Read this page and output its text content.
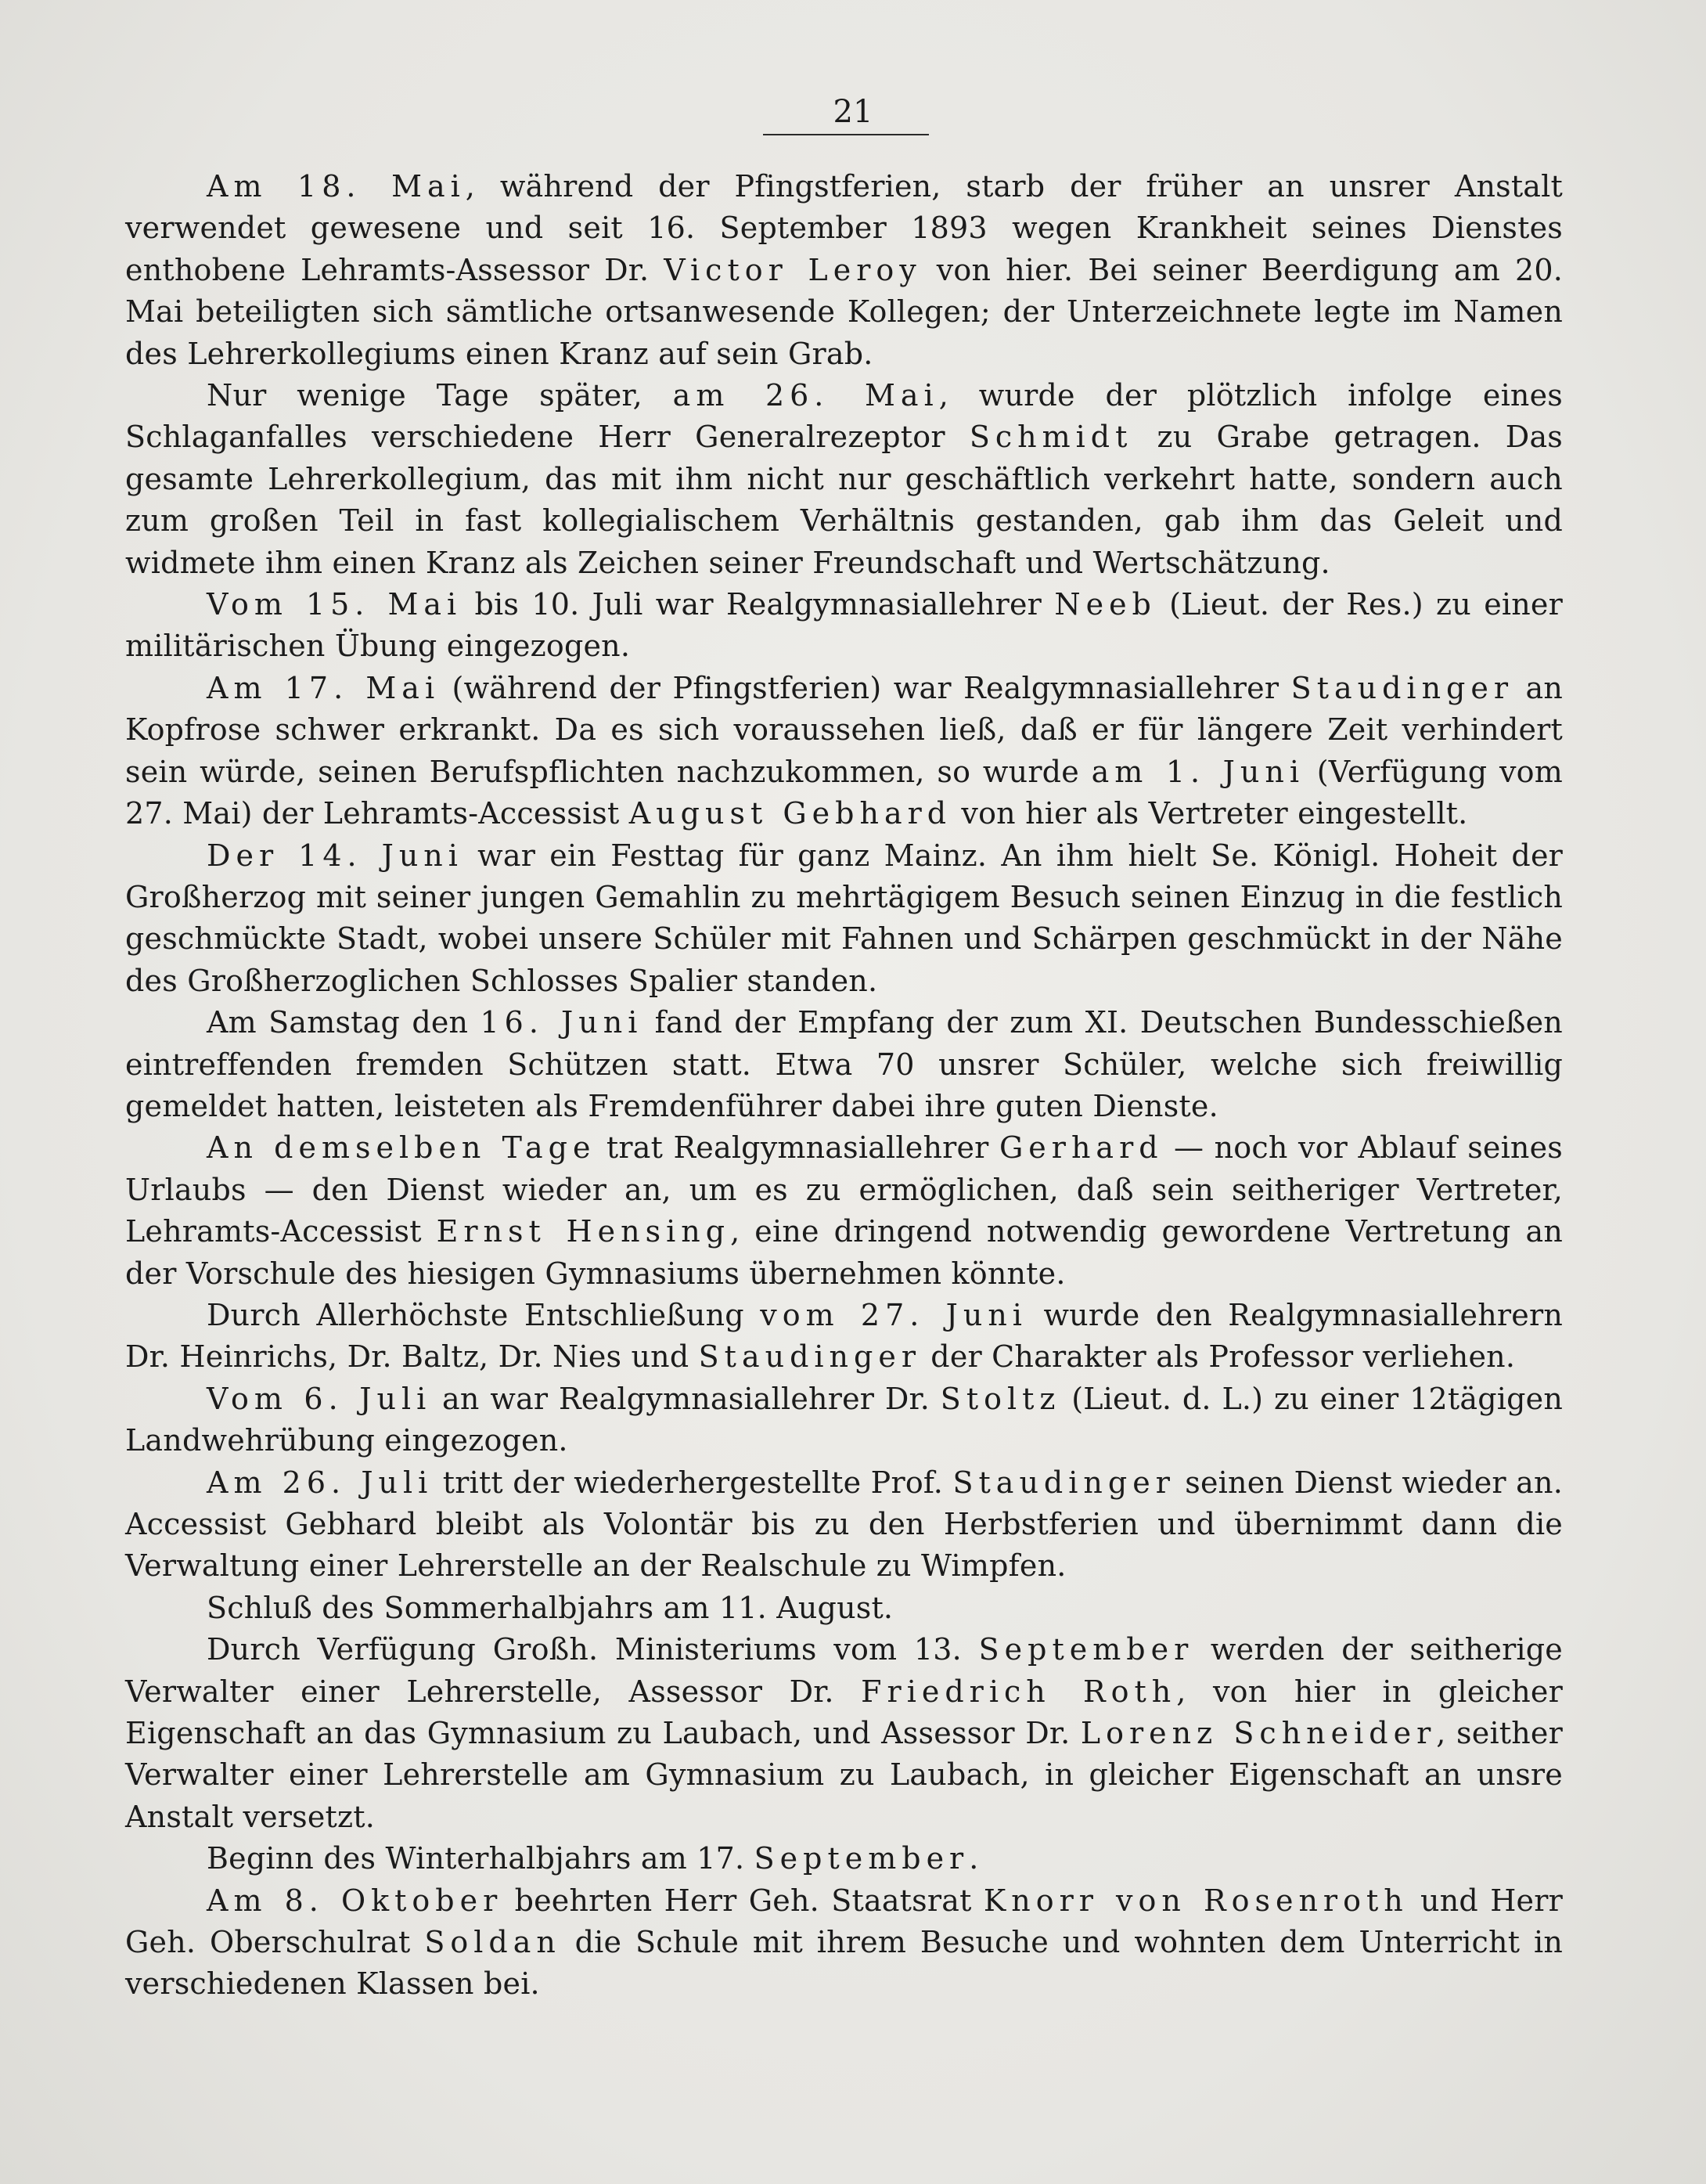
21

Am 18. Mai, während der Pfingstferien, starb der früher an unsrer Anstalt verwendet gewesene und seit 16. September 1893 wegen Krankheit seines Dienstes enthobene Lehramts-Assessor Dr. Victor Leroy von hier. Bei seiner Beerdigung am 20. Mai beteiligten sich sämtliche ortsanwesende Kollegen; der Unterzeichnete legte im Namen des Lehrerkollegiums einen Kranz auf sein Grab.

Nur wenige Tage später, am 26. Mai, wurde der plötzlich infolge eines Schlaganfalles verschiedene Herr Generalrezeptor Schmidt zu Grabe getragen. Das gesamte Lehrerkollegium, das mit ihm nicht nur geschäftlich verkehrt hatte, sondern auch zum großen Teil in fast kollegialischem Verhältnis gestanden, gab ihm das Geleit und widmete ihm einen Kranz als Zeichen seiner Freundschaft und Wertschätzung.

Vom 15. Mai bis 10. Juli war Realgymnasiallehrer Neeb (Lieut. der Res.) zu einer militärischen Übung eingezogen.

Am 17. Mai (während der Pfingstferien) war Realgymnasiallehrer Staudinger an Kopfrose schwer erkrankt. Da es sich voraussehen ließ, daß er für längere Zeit verhindert sein würde, seinen Berufspflichten nachzukommen, so wurde am 1. Juni (Verfügung vom 27. Mai) der Lehramts-Accessist August Gebhard von hier als Vertreter eingestellt.

Der 14. Juni war ein Festtag für ganz Mainz. An ihm hielt Se. Königl. Hoheit der Großherzog mit seiner jungen Gemahlin zu mehrtägigem Besuch seinen Einzug in die festlich geschmückte Stadt, wobei unsere Schüler mit Fahnen und Schärpen geschmückt in der Nähe des Großherzoglichen Schlosses Spalier standen.

Am Samstag den 16. Juni fand der Empfang der zum XI. Deutschen Bundesschießen eintreffenden fremden Schützen statt. Etwa 70 unsrer Schüler, welche sich freiwillig gemeldet hatten, leisteten als Fremdenführer dabei ihre guten Dienste.

An demselben Tage trat Realgymnasiallehrer Gerhard — noch vor Ablauf seines Urlaubs — den Dienst wieder an, um es zu ermöglichen, daß sein seitheriger Vertreter, Lehramts-Accessist Ernst Hensing, eine dringend notwendig gewordene Vertretung an der Vorschule des hiesigen Gymnasiums übernehmen könnte.

Durch Allerhöchste Entschließung vom 27. Juni wurde den Realgymnasiallehrern Dr. Heinrichs, Dr. Baltz, Dr. Nies und Staudinger der Charakter als Professor verliehen.

Vom 6. Juli an war Realgymnasiallehrer Dr. Stoltz (Lieut. d. L.) zu einer 12tägigen Landwehrübung eingezogen.

Am 26. Juli tritt der wiederhergestellte Prof. Staudinger seinen Dienst wieder an. Accessist Gebhard bleibt als Volontär bis zu den Herbstferien und übernimmt dann die Verwaltung einer Lehrerstelle an der Realschule zu Wimpfen.

Schluß des Sommerhalbjahrs am 11. August.

Durch Verfügung Großh. Ministeriums vom 13. September werden der seitherige Verwalter einer Lehrerstelle, Assessor Dr. Friedrich Roth, von hier in gleicher Eigenschaft an das Gymnasium zu Laubach, und Assessor Dr. Lorenz Schneider, seither Verwalter einer Lehrerstelle am Gymnasium zu Laubach, in gleicher Eigenschaft an unsre Anstalt versetzt.

Beginn des Winterhalbjahrs am 17. September.

Am 8. Oktober beehrten Herr Geh. Staatsrat Knorr von Rosenroth und Herr Geh. Oberschulrat Soldan die Schule mit ihrem Besuche und wohnten dem Unterricht in verschiedenen Klassen bei.
